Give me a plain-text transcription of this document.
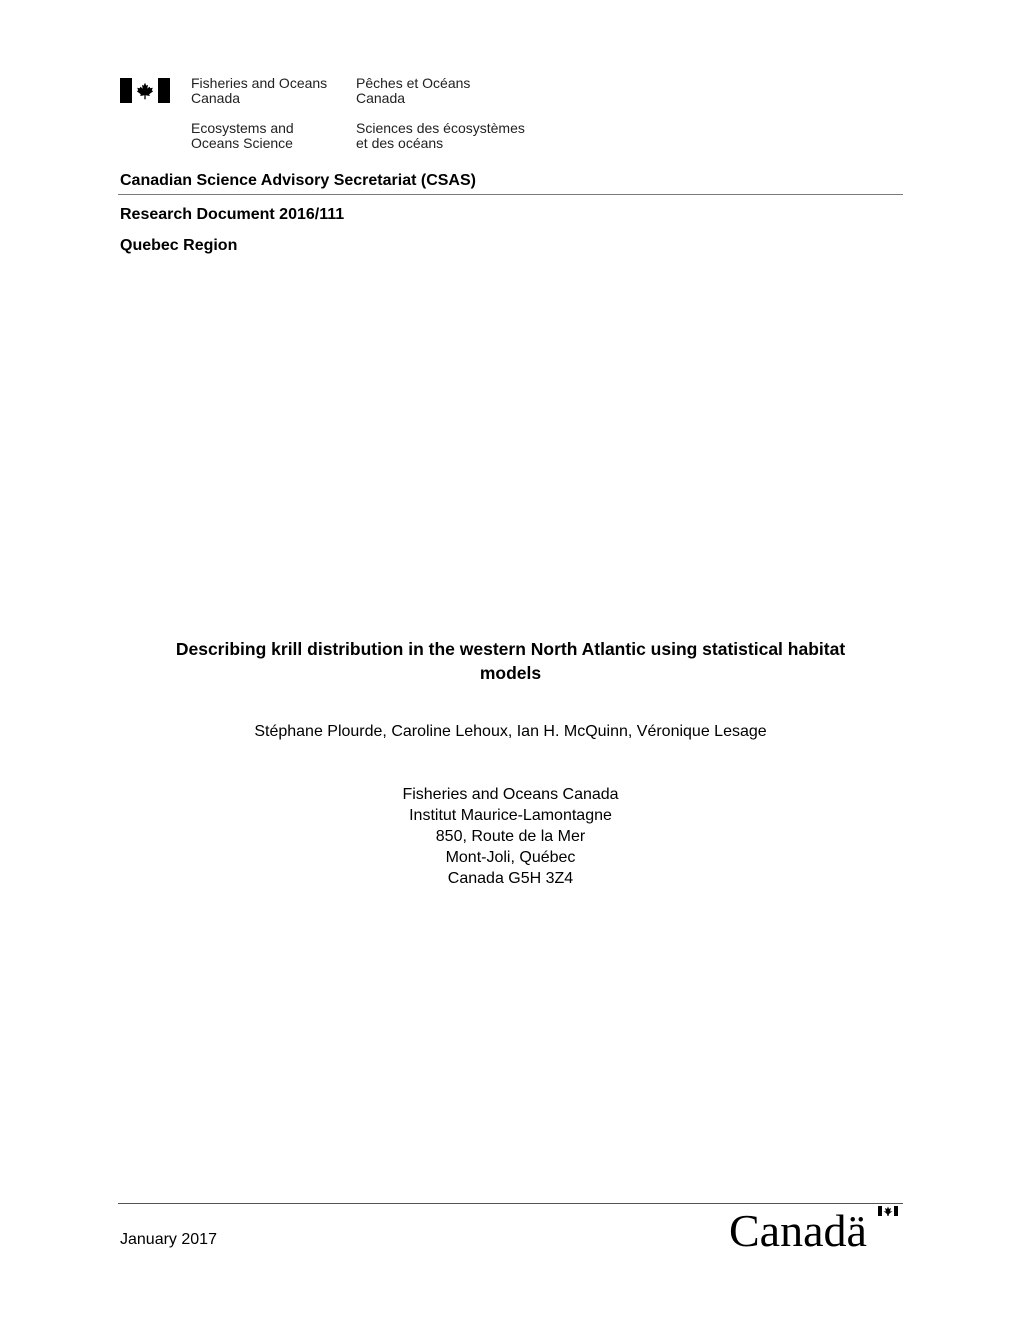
Fisheries and Oceans
Canada
Pêches et Océans
Canada
Ecosystems and
Oceans Science
Sciences des écosystèmes
et des océans
Canadian Science Advisory Secretariat (CSAS)
Research Document 2016/111
Quebec Region
Describing krill distribution in the western North Atlantic using statistical habitat
models
Stéphane Plourde, Caroline Lehoux, Ian H. McQuinn, Véronique Lesage
Fisheries and Oceans Canada
Institut Maurice-Lamontagne
850, Route de la Mer
Mont-Joli, Québec
Canada G5H 3Z4
January 2017	Canadä
